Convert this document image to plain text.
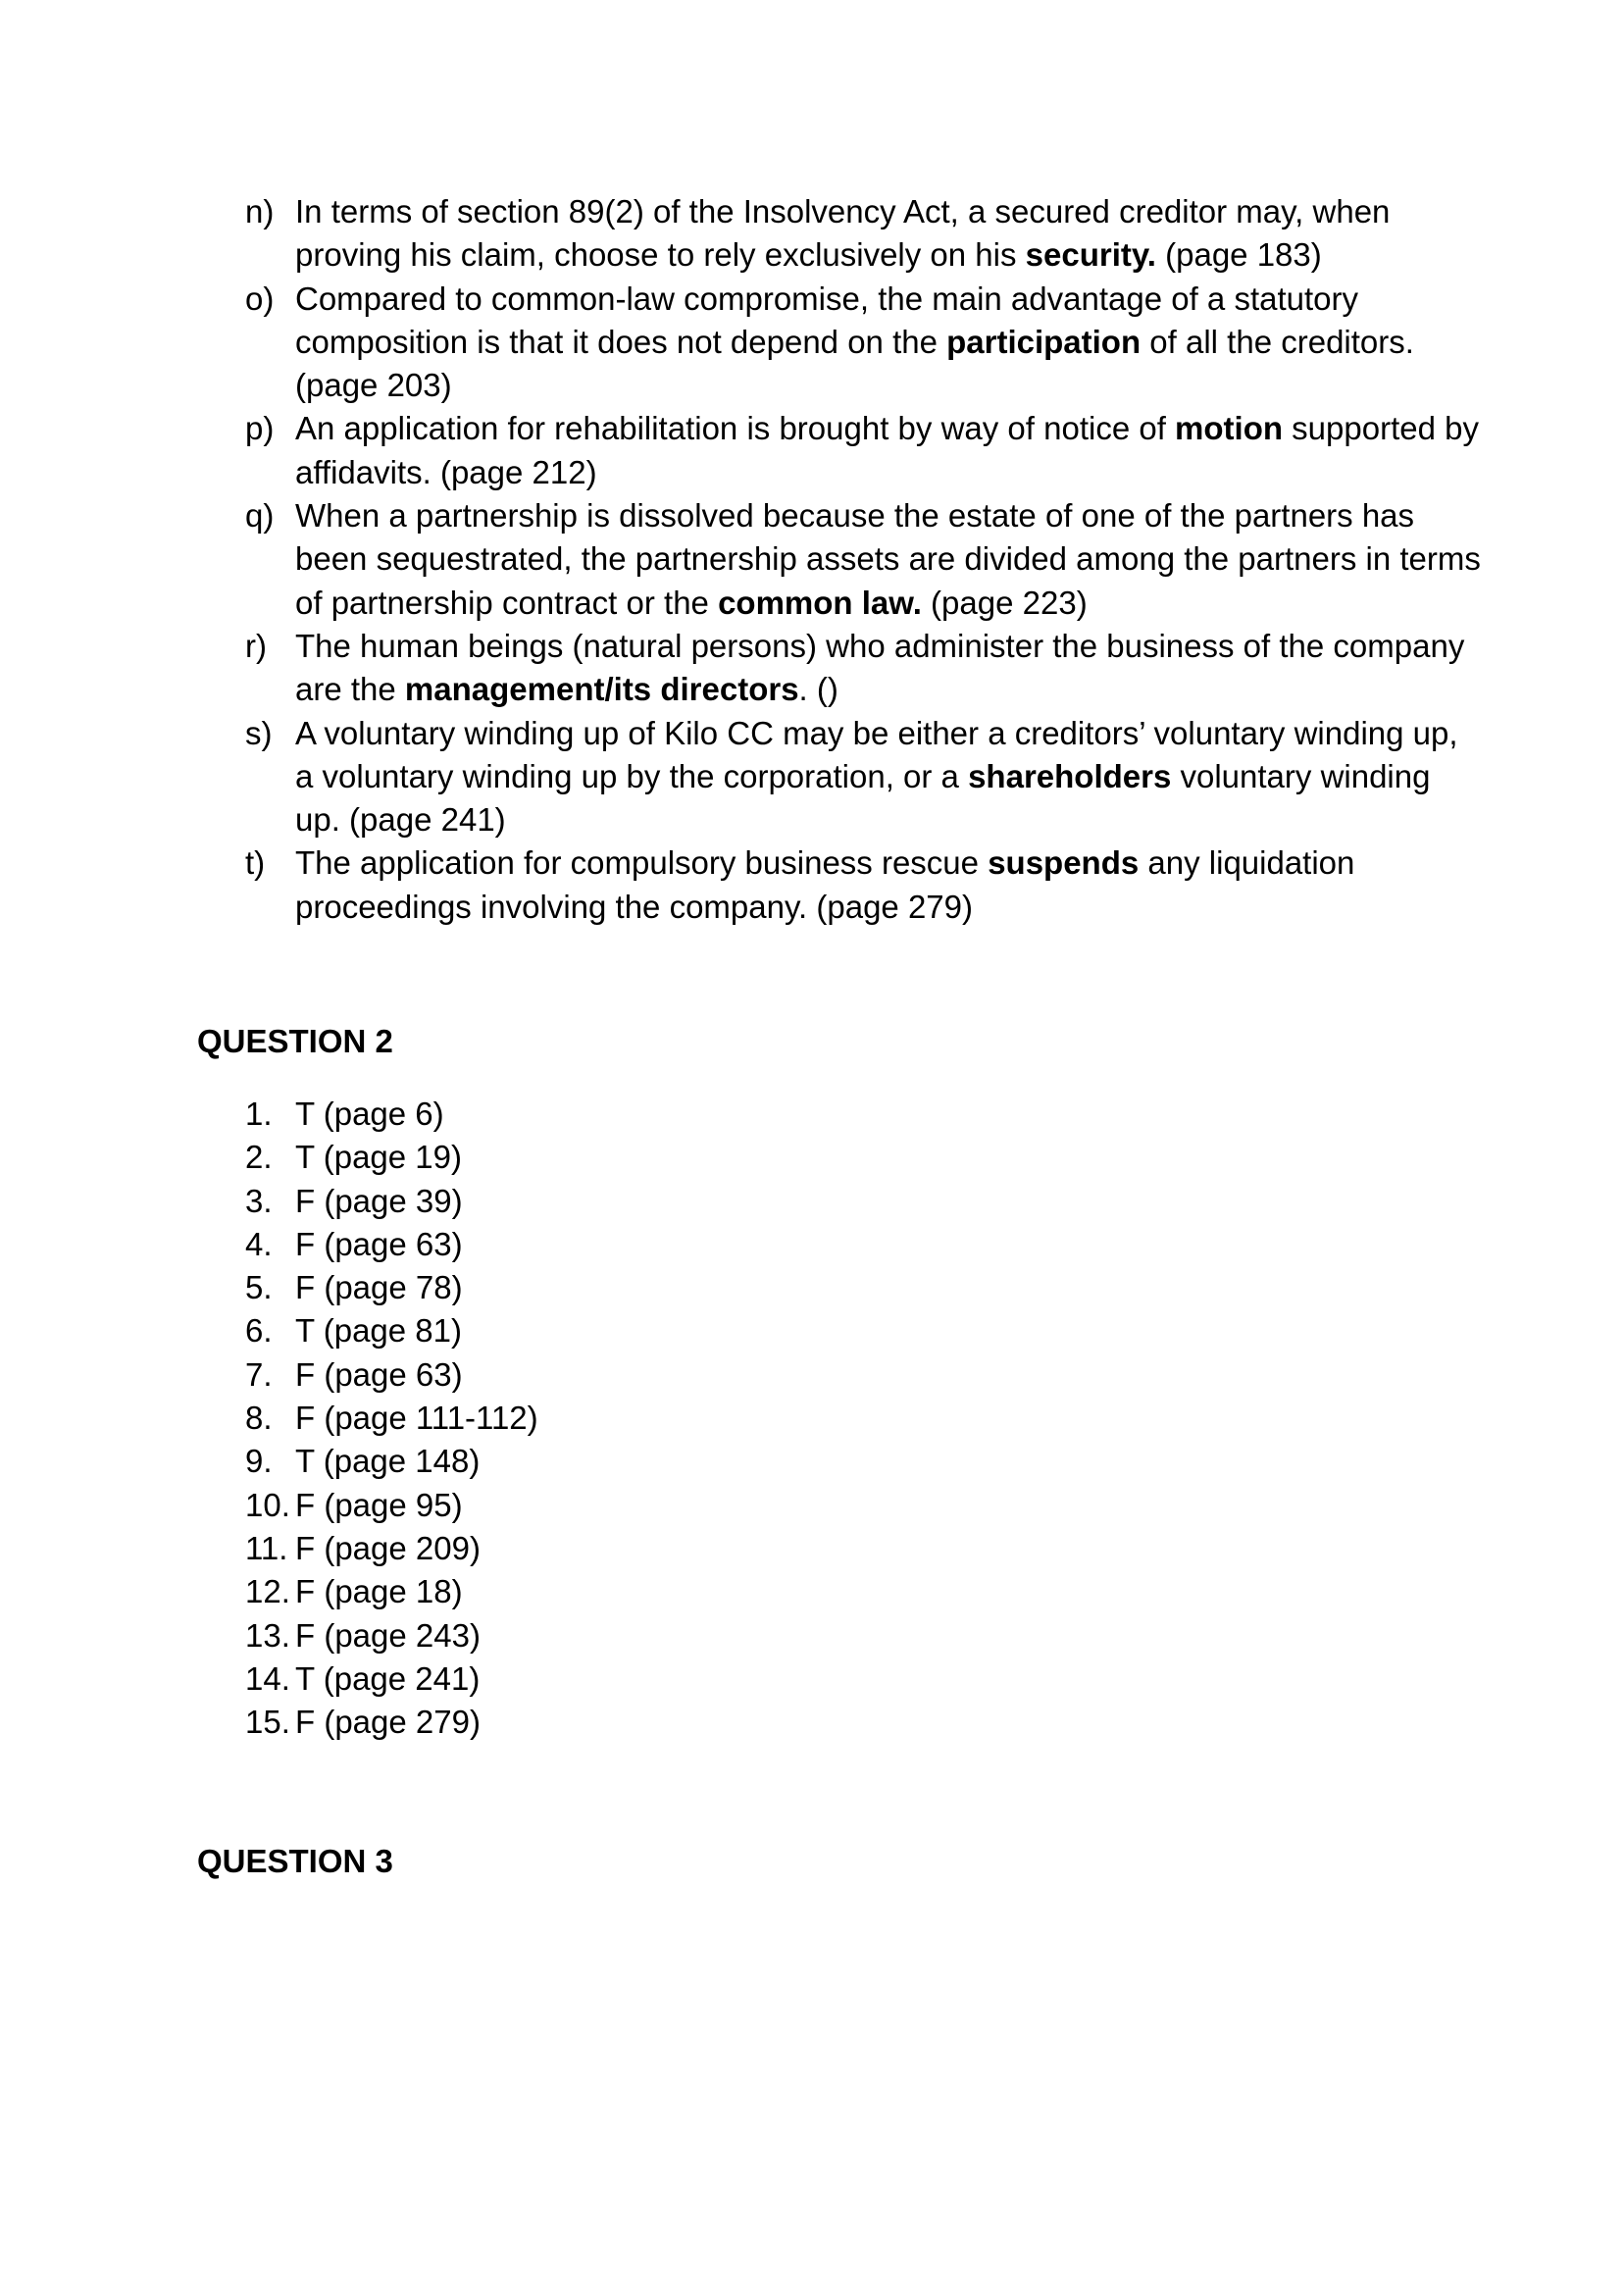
n) In terms of section 89(2) of the Insolvency Act, a secured creditor may, when proving his claim, choose to rely exclusively on his security. (page 183)
o) Compared to common-law compromise, the main advantage of a statutory composition is that it does not depend on the participation of all the creditors. (page 203)
p) An application for rehabilitation is brought by way of notice of motion supported by affidavits. (page 212)
q) When a partnership is dissolved because the estate of one of the partners has been sequestrated, the partnership assets are divided among the partners in terms of partnership contract or the common law. (page 223)
r) The human beings (natural persons) who administer the business of the company are the management/its directors. ()
s) A voluntary winding up of Kilo CC may be either a creditors’ voluntary winding up, a voluntary winding up by the corporation, or a shareholders voluntary winding up. (page 241)
t) The application for compulsory business rescue suspends any liquidation proceedings involving the company. (page 279)
QUESTION 2
1. T (page 6)
2. T (page 19)
3. F (page 39)
4. F (page 63)
5. F (page 78)
6. T (page 81)
7. F (page 63)
8. F (page 111-112)
9. T (page 148)
10. F (page 95)
11. F (page 209)
12. F (page 18)
13. F (page 243)
14. T (page 241)
15. F (page 279)
QUESTION 3
